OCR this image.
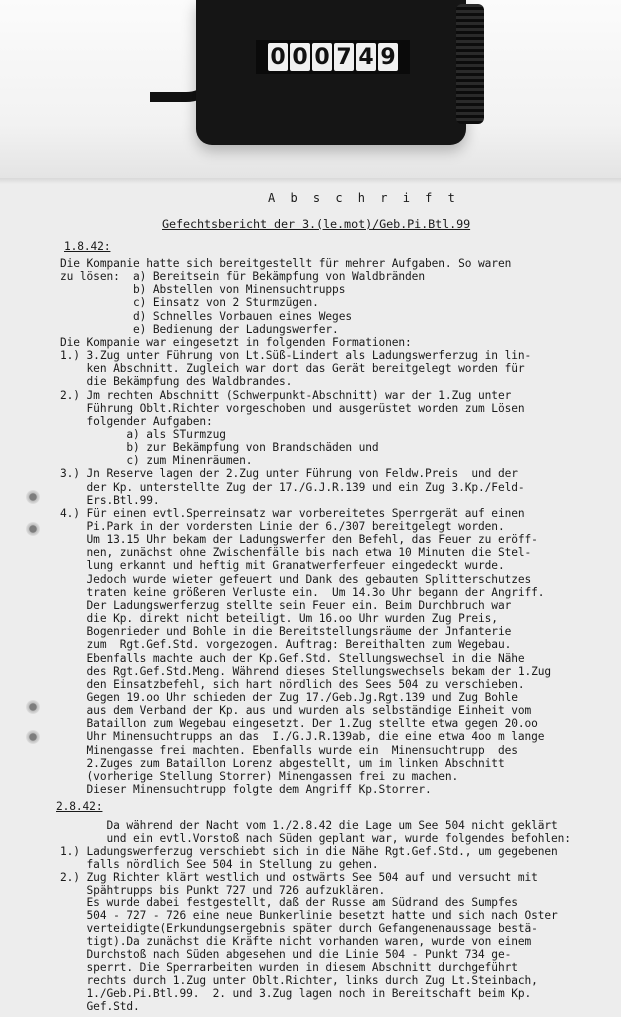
0 0 0 7 4 9
A b s c h r i f t
Gefechtsbericht der 3.(le.mot)/Geb.Pi.Btl.99
1.8.42:
Die Kompanie hatte sich bereitgestellt für mehrer Aufgaben. So waren
zu lösen:  a) Bereitsein für Bekämpfung von Waldbränden
b) Abstellen von Minensuchtrupps
c) Einsatz von 2 Sturmzügen.
d) Schnelles Vorbauen eines Weges
e) Bedienung der Ladungswerfer.
Die Kompanie war eingesetzt in folgenden Formationen:
1.) 3.Zug unter Führung von Lt.Süß-Lindert als Ladungswerferzug in lin-
ken Abschnitt. Zugleich war dort das Gerät bereitgelegt worden für
die Bekämpfung des Waldbrandes.
2.) Jm rechten Abschnitt (Schwerpunkt-Abschnitt) war der 1.Zug unter
Führung Oblt.Richter vorgeschoben und ausgerüstet worden zum Lösen
folgender Aufgaben:
a) als STurmzug
b) zur Bekämpfung von Brandschäden und
c) zum Minenräumen.
3.) Jn Reserve lagen der 2.Zug unter Führung von Feldw.Preis  und der
der Kp. unterstellte Zug der 17./G.J.R.139 und ein Zug 3.Kp./Feld-
Ers.Btl.99.
4.) Für einen evtl.Sperreinsatz war vorbereitetes Sperrgerät auf einen
Pi.Park in der vordersten Linie der 6./307 bereitgelegt worden.
Um 13.15 Uhr bekam der Ladungswerfer den Befehl, das Feuer zu eröff-
nen, zunächst ohne Zwischenfälle bis nach etwa 10 Minuten die Stel-
lung erkannt und heftig mit Granatwerferfeuer eingedeckt wurde.
Jedoch wurde wieter gefeuert und Dank des gebauten Splitterschutzes
traten keine größeren Verluste ein.  Um 14.3o Uhr begann der Angriff.
Der Ladungswerferzug stellte sein Feuer ein. Beim Durchbruch war
die Kp. direkt nicht beteiligt. Um 16.oo Uhr wurden Zug Preis,
Bogenrieder und Bohle in die Bereitstellungsräume der Jnfanterie
zum  Rgt.Gef.Std. vorgezogen. Auftrag: Bereithalten zum Wegebau.
Ebenfalls machte auch der Kp.Gef.Std. Stellungswechsel in die Nähe
des Rgt.Gef.Std.Meng. Während dieses Stellungswechsels bekam der 1.Zug
den Einsatzbefehl, sich hart nördlich des Sees 504 zu verschieben.
Gegen 19.oo Uhr schieden der Zug 17./Geb.Jg.Rgt.139 und Zug Bohle
aus dem Verband der Kp. aus und wurden als selbständige Einheit vom
Bataillon zum Wegebau eingesetzt. Der 1.Zug stellte etwa gegen 20.oo
Uhr Minensuchtrupps an das  I./G.J.R.139ab, die eine etwa 4oo m lange
Minengasse frei machten. Ebenfalls wurde ein  Minensuchtrupp  des
2.Zuges zum Bataillon Lorenz abgestellt, um im linken Abschnitt
(vorherige Stellung Storrer) Minengassen frei zu machen.
Dieser Minensuchtrupp folgte dem Angriff Kp.Storrer.
Da während der Nacht vom 1./2.8.42 die Lage um See 504 nicht geklärt
und ein evtl.Vorstoß nach Süden geplant war, wurde folgendes befohlen:
1.) Ladungswerferzug verschiebt sich in die Nähe Rgt.Gef.Std., um gegebenen
falls nördlich See 504 in Stellung zu gehen.
2.) Zug Richter klärt westlich und ostwärts See 504 auf und versucht mit
Spähtrupps bis Punkt 727 und 726 aufzuklären.
Es wurde dabei festgestellt, daß der Russe am Südrand des Sumpfes
504 - 727 - 726 eine neue Bunkerlinie besetzt hatte und sich nach Oster
verteidigte(Erkundungsergebnis später durch Gefangenenaussage bestä-
tigt).Da zunächst die Kräfte nicht vorhanden waren, wurde von einem
Durchstoß nach Süden abgesehen und die Linie 504 - Punkt 734 ge-
sperrt. Die Sperrarbeiten wurden in diesem Abschnitt durchgeführt
rechts durch 1.Zug unter Oblt.Richter, links durch Zug Lt.Steinbach,
1./Geb.Pi.Btl.99.  2. und 3.Zug lagen noch in Bereitschaft beim Kp.
Gef.Std.
2.8.42:
